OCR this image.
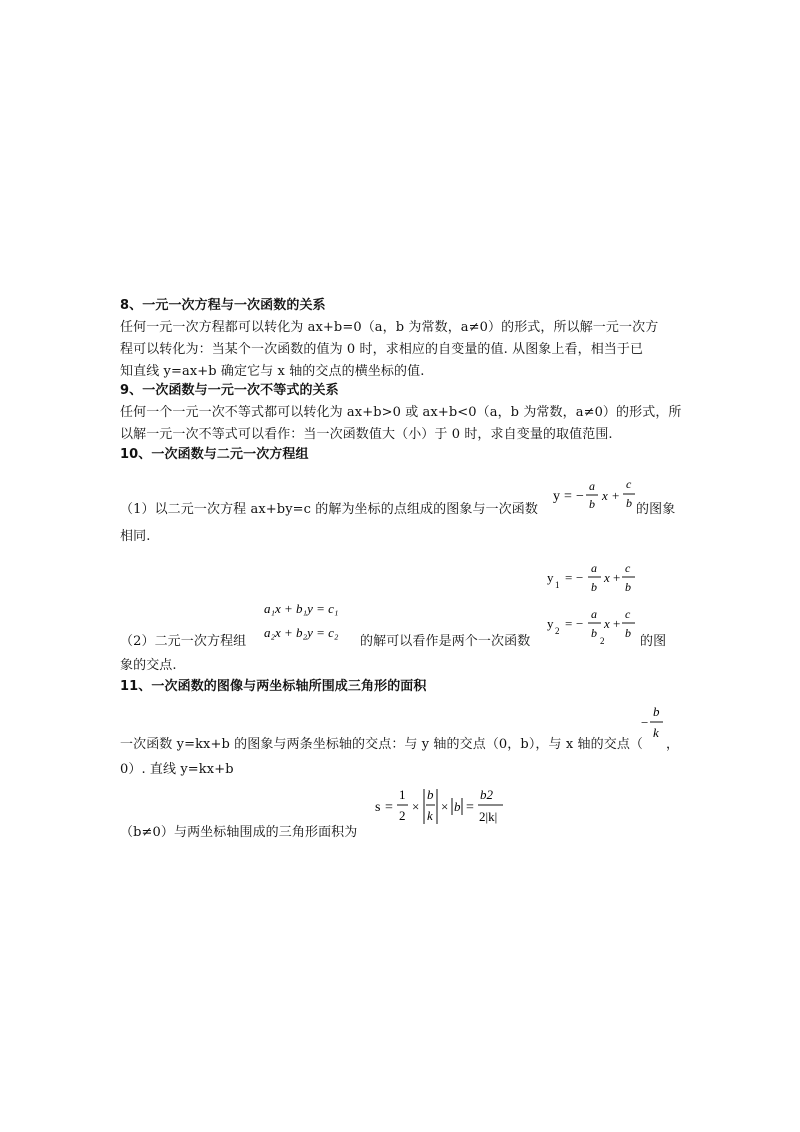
8、一元一次方程与一次函数的关系
任何一元一次方程都可以转化为 ax+b=0（a，b 为常数，a≠0）的形式，所以解一元一次方
程可以转化为：当某个一次函数的值为 0 时，求相应的自变量的值. 从图象上看，相当于已
知直线 y=ax+b 确定它与 x 轴的交点的横坐标的值.
9、一次函数与一元一次不等式的关系
任何一个一元一次不等式都可以转化为 ax+b>0 或 ax+b<0（a，b 为常数，a≠0）的形式，所
以解一元一次不等式可以看作：当一次函数值大（小）于 0 时，求自变量的取值范围.
10、一次函数与二元一次方程组
（1）以二元一次方程 ax+by=c 的解为坐标的点组成的图象与一次函数
y = −
a
b
x +
c
b 的图象
相同.
（2）二元一次方程组
a₁x + b₁y = c₁
a₂x + b₂y = c₂
的解可以看作是两个一次函数
y 1 = −
a
b
x +
c
b
y 2 = −
a
b
2
x +
c
b
的图
象的交点.
11、一次函数的图像与两坐标轴所围成三角形的面积
一次函数 y=kx+b 的图象与两条坐标轴的交点：与 y 轴的交点（0，b），与 x 轴的交点（
−
b
k
，
0）. 直线 y=kx+b
s =
1
2
×
b
k
× b =
b2
2|k|
（b≠0）与两坐标轴围成的三角形面积为
